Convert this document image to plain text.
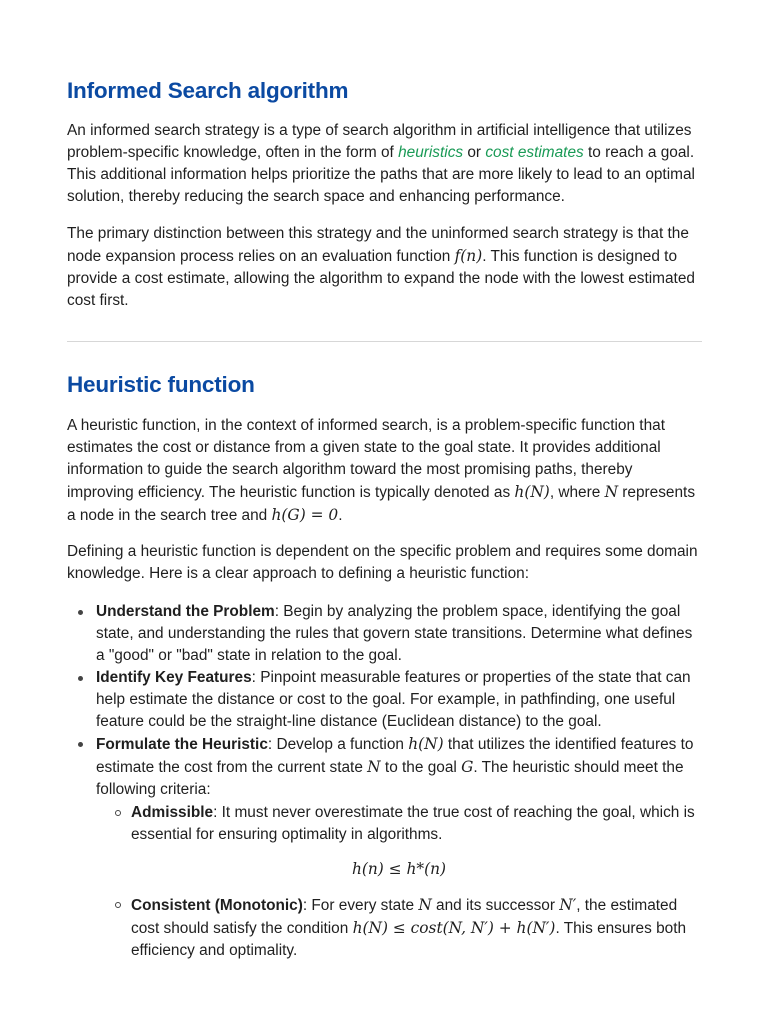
Informed Search algorithm

An informed search strategy is a type of search algorithm in artificial intelligence that utilizes problem-specific knowledge, often in the form of heuristics or cost estimates to reach a goal. This additional information helps prioritize the paths that are more likely to lead to an optimal solution, thereby reducing the search space and enhancing performance.

The primary distinction between this strategy and the uninformed search strategy is that the node expansion process relies on an evaluation function f(n). This function is designed to provide a cost estimate, allowing the algorithm to expand the node with the lowest estimated cost first.

Heuristic function

A heuristic function, in the context of informed search, is a problem-specific function that estimates the cost or distance from a given state to the goal state. It provides additional information to guide the search algorithm toward the most promising paths, thereby improving efficiency. The heuristic function is typically denoted as h(N), where N represents a node in the search tree and h(G) = 0.

Defining a heuristic function is dependent on the specific problem and requires some domain knowledge. Here is a clear approach to defining a heuristic function:

Understand the Problem: Begin by analyzing the problem space, identifying the goal state, and understanding the rules that govern state transitions. Determine what defines a "good" or "bad" state in relation to the goal.
Identify Key Features: Pinpoint measurable features or properties of the state that can help estimate the distance or cost to the goal. For example, in pathfinding, one useful feature could be the straight-line distance (Euclidean distance) to the goal.
Formulate the Heuristic: Develop a function h(N) that utilizes the identified features to estimate the cost from the current state N to the goal G. The heuristic should meet the following criteria:
Admissible: It must never overestimate the true cost of reaching the goal, which is essential for ensuring optimality in algorithms.
h(n) ≤ h*(n)
Consistent (Monotonic): For every state N and its successor N′, the estimated cost should satisfy the condition h(N) ≤ cost(N, N′) + h(N′). This ensures both efficiency and optimality.
